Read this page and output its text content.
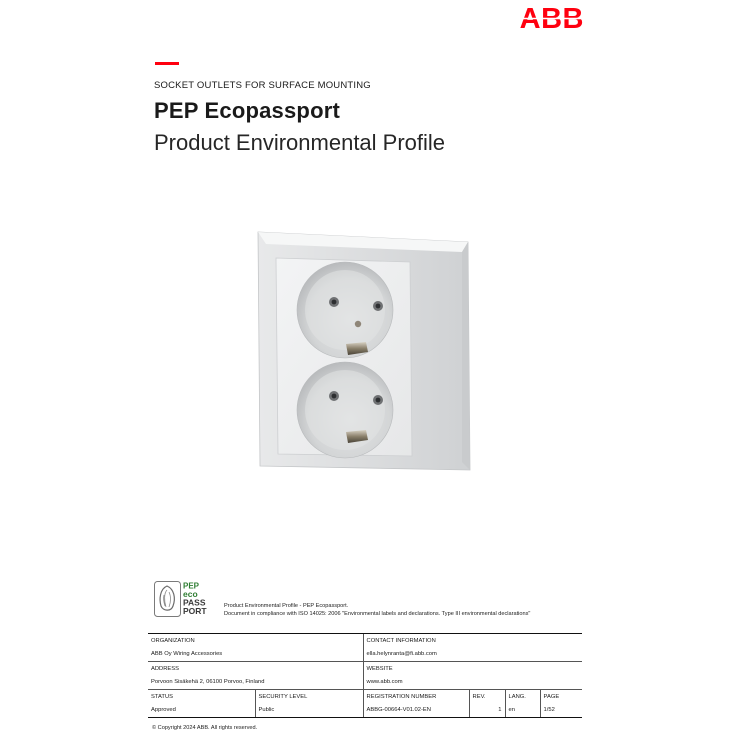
ABB
SOCKET OUTLETS FOR SURFACE MOUNTING
PEP Ecopassport
Product Environmental Profile
PEP
eco
PASS
PORT	Product Environmental Profile - PEP Ecopassport.
Document in compliance with ISO 14025: 2006 "Environmental labels and declarations. Type III environmental declarations"
ORGANIZATION		CONTACT INFORMATION			
ABB Oy Wiring Accessories		ella.helynranta@fi.abb.com			
ADDRESS		WEBSITE			
Porvoon Sisäkehä 2, 06100 Porvoo, Finland		www.abb.com			
STATUS	SECURITY LEVEL	REGISTRATION NUMBER	REV.	LANG.	PAGE
Approved	Public	ABBG-00664-V01.02-EN	1	en	1/52
© Copyright 2024 ABB. All rights reserved.
